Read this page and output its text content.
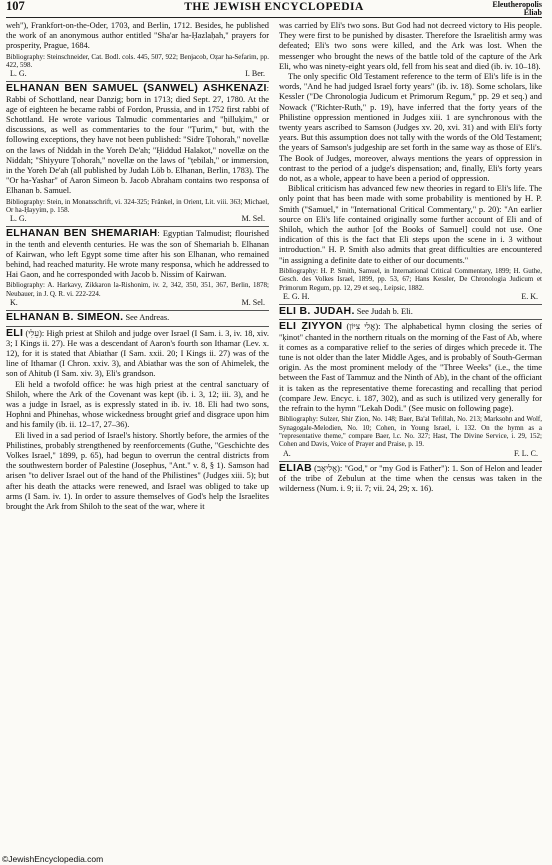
107	THE JEWISH ENCYCLOPEDIA	Eleutheropolis
Eliab

weh"), Frankfort-on-the-Oder, 1703, and Berlin, 1712. Besides, he published the work of an anonymous author entitled "Sha'ar ha-Ḥazlaḥah," prayers for prosperity, Prague, 1684.

Bibliography: Steinschneider, Cat. Bodl. cols. 445, 507, 922; Benjacob, Oẓar ha-Sefarim, pp. 422, 598.
L. G.	I. Ber.

ELHANAN BEN SAMUEL (SANWEL) ASHKENAZI: Rabbi of Schottland, near Danzig; born in 1713; died Sept. 27, 1780. At the age of eighteen he became rabbi of Fordon, Prussia, and in 1752 first rabbi of Schottland. He wrote various Talmudic commentaries and "ḥilluḳim," or discussions, as well as commentaries to the four "Ṭurim," but, with the following exceptions, they have not been published: "Sidre Ṭohorah," novellæ on the laws of Niddah in the Yoreh De'ah; "Ḥiddud Halakot," novellæ on the Niddah; "Shiyyure Ṭohorah," novellæ on the laws of "ṭebilah," or immersion, in the Yoreh De'ah (all published by Judah Löb b. Elhanan, Berlin, 1783). The "Or ha-Yashar" of Aaron Simeon b. Jacob Abraham contains two responsa of Elhanan b. Samuel.

Bibliography: Stein, in Monatsschrift, vi. 324-325; Fränkel, in Orient, Lit. viii. 363; Michael, Or ha-Ḥayyim, p. 158.
L. G.	M. Sel.

ELHANAN BEN SHEMARIAH: Egyptian Talmudist; flourished in the tenth and eleventh centuries. He was the son of Shemariah b. Elhanan of Kairwan, who left Egypt some time after his son Elhanan, who remained behind, had reached maturity. He wrote many responsa, which he addressed to Hai Gaon, and he corresponded with Jacob b. Nissim of Kairwan.

Bibliography: A. Harkavy, Zikkaron la-Rishonim, iv. 2, 342, 350, 351, 367, Berlin, 1878; Neubauer, in J. Q. R. vi. 222-224.
K.	M. Sel.

ELHANAN B. SIMEON. See Andreas.

ELI (עֵלִי): High priest at Shiloh and judge over Israel (I Sam. i. 3, iv. 18, xiv. 3; I Kings ii. 27). He was a descendant of Aaron's fourth son Ithamar (Lev. x. 12), for it is stated that Abiathar (I Sam. xxii. 20; I Kings ii. 27) was of the line of Ithamar (I Chron. xxiv. 3), and Abiathar was the son of Ahimelek, the son of Ahitub (I Sam. xiv. 3), Eli's grandson.

Eli held a twofold office: he was high priest at the central sanctuary of Shiloh, where the Ark of the Covenant was kept (ib. i. 3, 12; iii. 3), and he was a judge in Israel, as is expressly stated in ib. iv. 18. Eli had two sons, Hophni and Phinehas, whose wickedness brought grief and disgrace upon him and his family (ib. ii. 12–17, 27–36).

Eli lived in a sad period of Israel's history. Shortly before, the armies of the Philistines, probably strengthened by reenforcements (Guthe, "Geschichte des Volkes Israel," 1899, p. 65), had begun to overrun the central districts from the southwestern border of Palestine (Josephus, "Ant." v. 8, § 1). Samson had arisen "to deliver Israel out of the hand of the Philistines" (Judges xiii. 5); but after his death the attacks were renewed, and Israel was obliged to take up arms (I Sam. iv. 1). In order to assure themselves of God's help the Israelites brought the Ark from Shiloh to the seat of the war, where it

was carried by Eli's two sons. But God had not decreed victory to His people. They were first to be punished by disaster. Therefore the Israelitish army was defeated; Eli's two sons were killed, and the Ark was lost. When the messenger who brought the news of the battle told of the capture of the Ark Eli, who was ninety-eight years old, fell from his seat and died (ib. iv. 10–18).

The only specific Old Testament reference to the term of Eli's life is in the words, "And he had judged Israel forty years" (ib. iv. 18). Some scholars, like Kessler ("De Chronologia Judicum et Primorum Regum," pp. 29 et seq.) and Nowack ("Richter-Ruth," p. 19), have inferred that the forty years of the Philistine oppression mentioned in Judges xiii. 1 are synchronous with the twenty years ascribed to Samson (Judges xv. 20, xvi. 31) and with Eli's forty years. But this assumption does not tally with the words of the Old Testament; the years of Samson's judgeship are set forth in the same way as those of Eli's. The Book of Judges, moreover, always mentions the years of oppression in contrast to the period of a judge's dispensation; and, finally, Eli's forty years do not, as a whole, appear to have been a period of oppression.

Biblical criticism has advanced few new theories in regard to Eli's life. The only point that has been made with some probability is mentioned by H. P. Smith ("Samuel," in "International Critical Commentary," p. 20): "An earlier source on Eli's life contained originally some further account of Eli and of Shiloh, which the author [of the Books of Samuel] could not use. One indication of this is the fact that Eli steps upon the scene in i. 3 without introduction." H. P. Smith also admits that great difficulties are encountered "in assigning a definite date to either of our documents."

Bibliography: H. P. Smith, Samuel, in International Critical Commentary, 1899; H. Guthe, Gesch. des Volkes Israel, 1899, pp. 53, 67; Hans Kessler, De Chronologia Judicum et Primorum Regum, pp. 12, 29 et seq., Leipsic, 1882.
E. G. H.	E. K.

ELI B. JUDAH. See Judah b. Eli.

ELI ẒIYYON (אֱלִי צִיּוֹן): The alphabetical hymn closing the series of "ḳinot" chanted in the northern rituals on the morning of the Fast of Ab, where it comes as a comparative relief to the series of dirges which precede it. The tune is not older than the later Middle Ages, and is probably of South-German origin. As the most prominent melody of the "Three Weeks" (i.e., the time between the Fast of Tammuz and the Ninth of Ab), in the chant of the officiant it is taken as the representative theme forecasting and recalling that period (compare Jew. Encyc. i. 187, 302), and as such is utilized very generally for the refrain to the hymn "Lekah Dodi." (See music on following page).

Bibliography: Sulzer, Shir Ẓion, No. 148; Baer, Ba'al Tefillah, No. 213; Marksohn and Wolf, Synagogale-Melodien, No. 10; Cohen, in Young Israel, i. 132. On the hymn as a "representative theme," compare Baer, l.c. No. 327; Hast, The Divine Service, i. 29, 152; Cohen and Davis, Voice of Prayer and Praise, p. 19.
A.	F. L. C.

ELIAB (אֱלִיאָב): "God," or "my God is Father"): 1. Son of Helon and leader of the tribe of Zebulun at the time when the census was taken in the wilderness (Num. i. 9; ii. 7; vii. 24, 29; x. 16).

©JewishEncyclopedia.com
